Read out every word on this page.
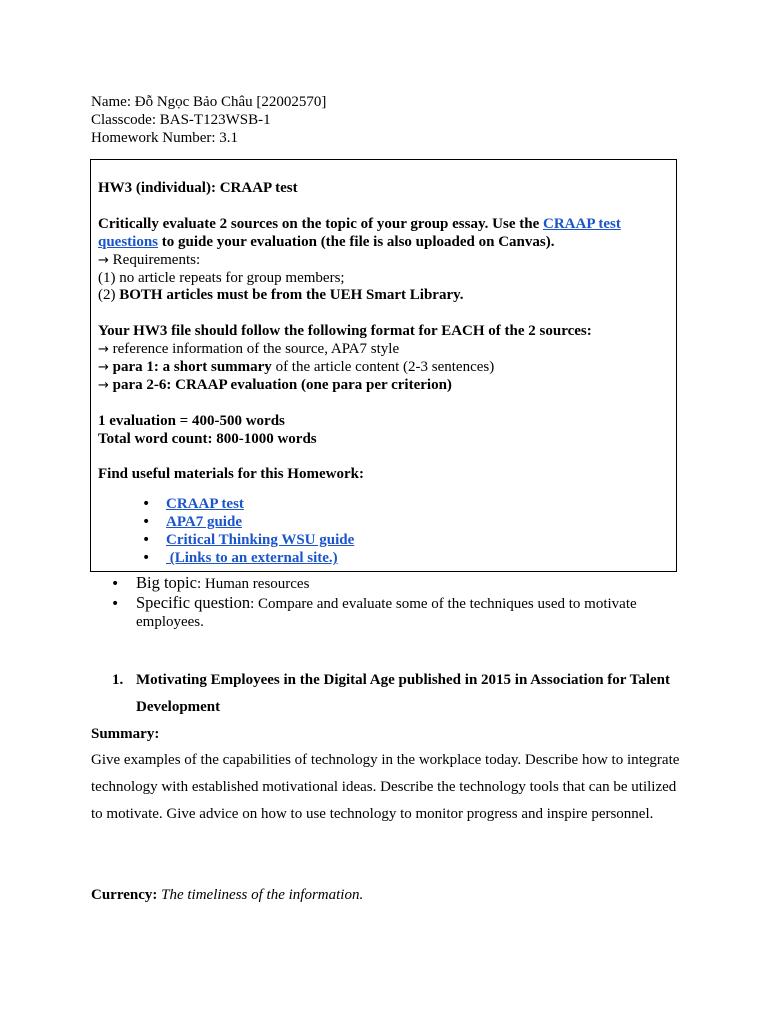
Name: Đỗ Ngọc Bảo Châu [22002570]
Classcode: BAS-T123WSB-1
Homework Number: 3.1

HW3 (individual): CRAAP test

Critically evaluate 2 sources on the topic of your group essay. Use the CRAAP test questions to guide your evaluation (the file is also uploaded on Canvas).

→ Requirements:

(1) no article repeats for group members;

(2) BOTH articles must be from the UEH Smart Library.

Your HW3 file should follow the following format for EACH of the 2 sources:

→ reference information of the source, APA7 style

→ para 1: a short summary of the article content (2-3 sentences)

→ para 2-6: CRAAP evaluation (one para per criterion)

1 evaluation = 400-500 words

Total word count: 800-1000 words

Find useful materials for this Homework:

• CRAAP test
• APA7 guide
• Critical Thinking WSU guide
•  (Links to an external site.)
• Big topic: Human resources
• Specific question: Compare and evaluate some of the techniques used to motivate employees.

1. Motivating Employees in the Digital Age published in 2015 in Association for Talent Development

Summary:

Give examples of the capabilities of technology in the workplace today. Describe how to integrate technology with established motivational ideas. Describe the technology tools that can be utilized to motivate. Give advice on how to use technology to monitor progress and inspire personnel.

Currency: The timeliness of the information.
